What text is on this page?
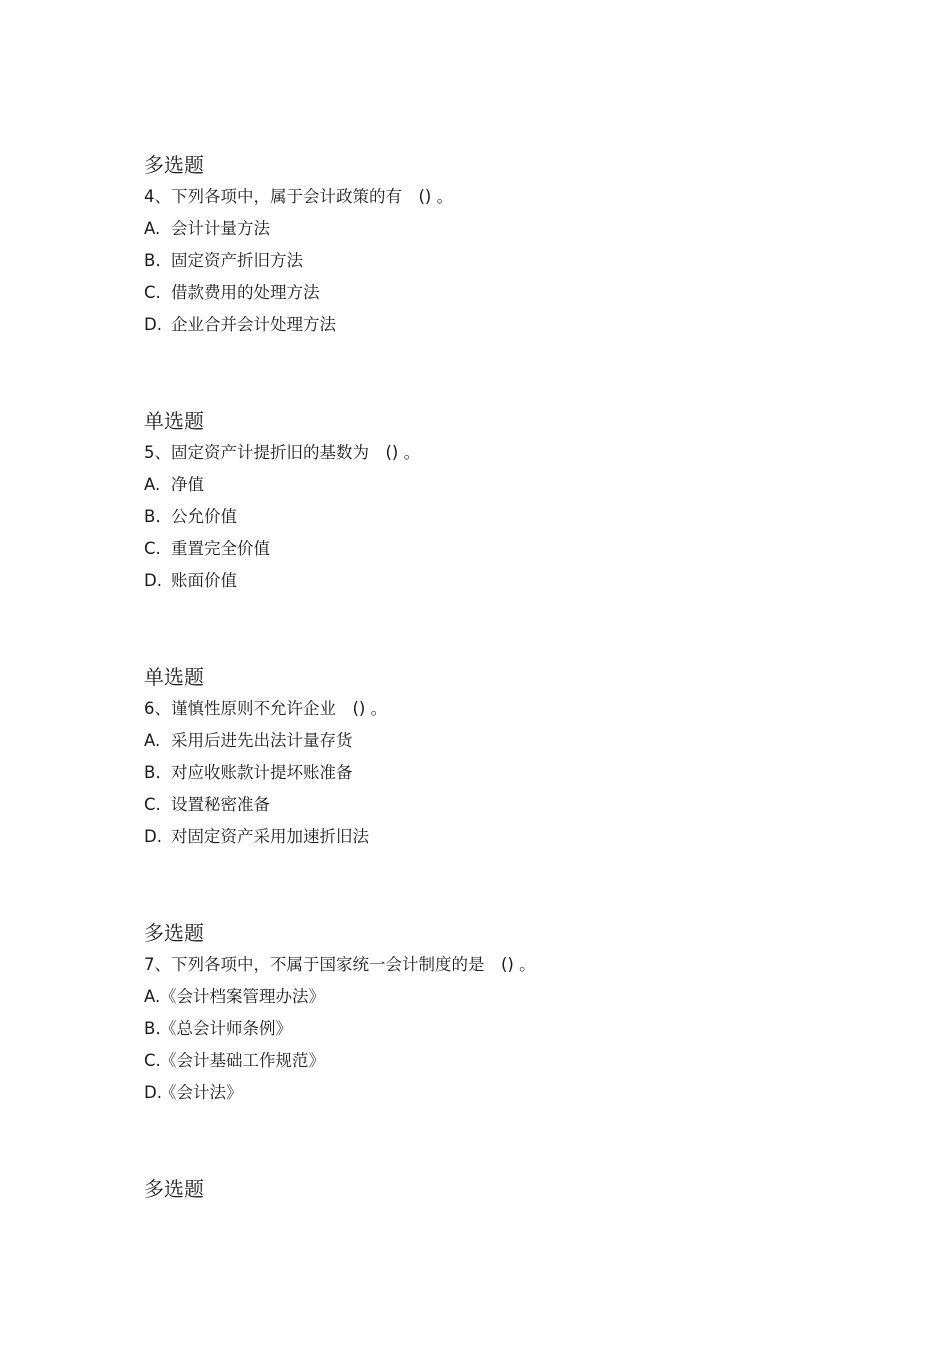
多选题
4、下列各项中，属于会计政策的有　() 。
A. 会计计量方法
B. 固定资产折旧方法
C. 借款费用的处理方法
D. 企业合并会计处理方法
单选题
5、固定资产计提折旧的基数为　() 。
A. 净值
B. 公允价值
C. 重置完全价值
D. 账面价值
单选题
6、谨慎性原则不允许企业　() 。
A. 采用后进先出法计量存货
B. 对应收账款计提坏账准备
C. 设置秘密准备
D. 对固定资产采用加速折旧法
多选题
7、下列各项中，不属于国家统一会计制度的是　() 。
A.《会计档案管理办法》
B.《总会计师条例》
C.《会计基础工作规范》
D.《会计法》
多选题
